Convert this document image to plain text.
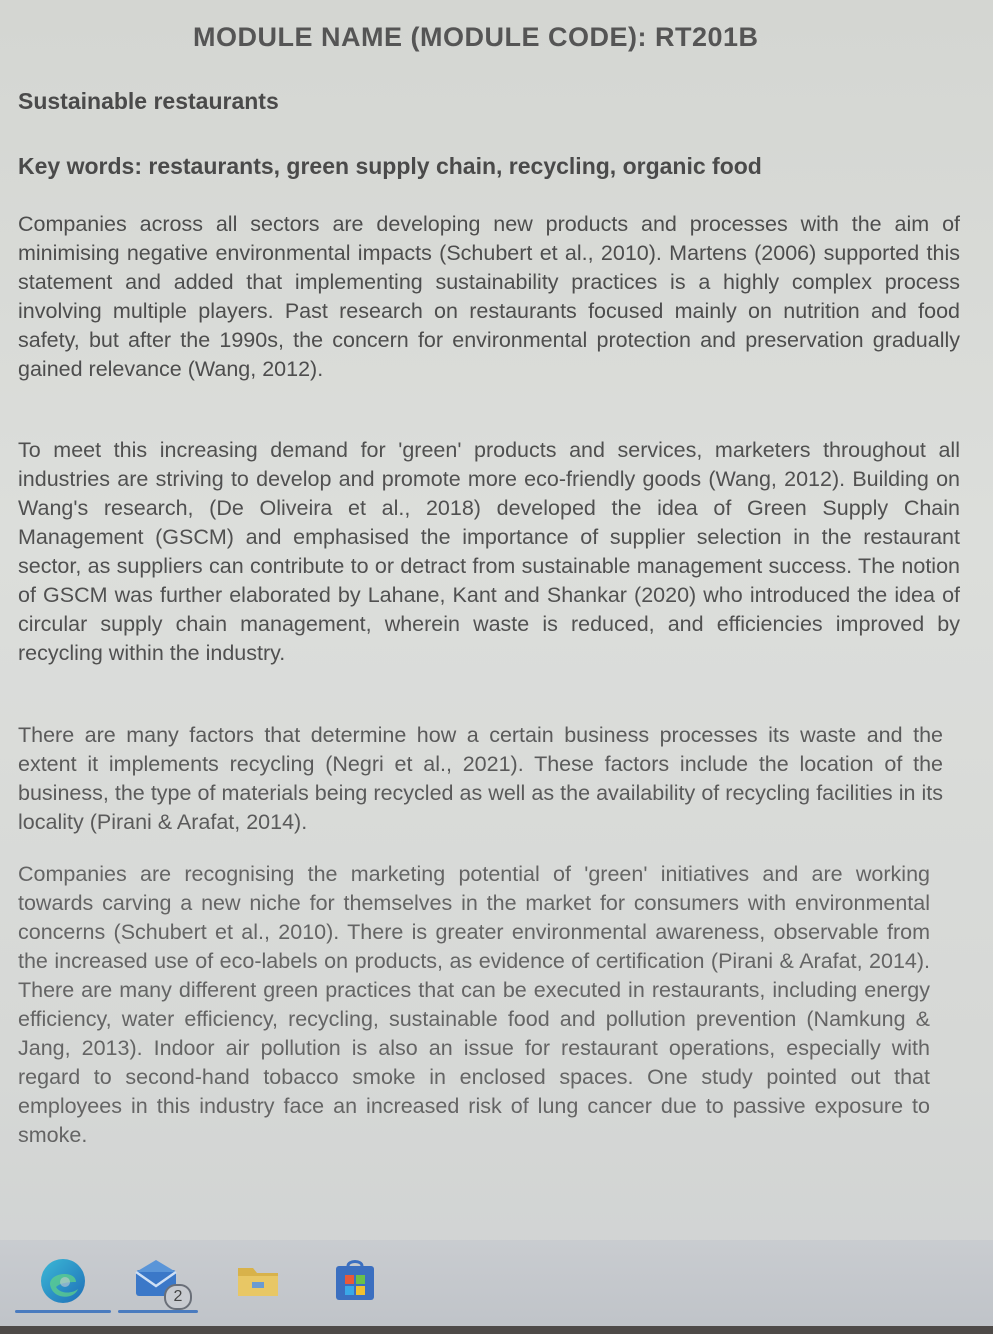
MODULE NAME (MODULE CODE): RT201B
Sustainable restaurants
Key words: restaurants, green supply chain, recycling, organic food
Companies across all sectors are developing new products and processes with the aim of minimising negative environmental impacts (Schubert et al., 2010). Martens (2006) supported this statement and added that implementing sustainability practices is a highly complex process involving multiple players. Past research on restaurants focused mainly on nutrition and food safety, but after the 1990s, the concern for environmental protection and preservation gradually gained relevance (Wang, 2012).
To meet this increasing demand for 'green' products and services, marketers throughout all industries are striving to develop and promote more eco-friendly goods (Wang, 2012). Building on Wang's research, (De Oliveira et al., 2018) developed the idea of Green Supply Chain Management (GSCM) and emphasised the importance of supplier selection in the restaurant sector, as suppliers can contribute to or detract from sustainable management success. The notion of GSCM was further elaborated by Lahane, Kant and Shankar (2020) who introduced the idea of circular supply chain management, wherein waste is reduced, and efficiencies improved by recycling within the industry.
There are many factors that determine how a certain business processes its waste and the extent it implements recycling (Negri et al., 2021). These factors include the location of the business, the type of materials being recycled as well as the availability of recycling facilities in its locality (Pirani & Arafat, 2014).
Companies are recognising the marketing potential of 'green' initiatives and are working towards carving a new niche for themselves in the market for consumers with environmental concerns (Schubert et al., 2010). There is greater environmental awareness, observable from the increased use of eco-labels on products, as evidence of certification (Pirani & Arafat, 2014). There are many different green practices that can be executed in restaurants, including energy efficiency, water efficiency, recycling, sustainable food and pollution prevention (Namkung & Jang, 2013). Indoor air pollution is also an issue for restaurant operations, especially with regard to second-hand tobacco smoke in enclosed spaces. One study pointed out that employees in this industry face an increased risk of lung cancer due to passive exposure to smoke.
2
